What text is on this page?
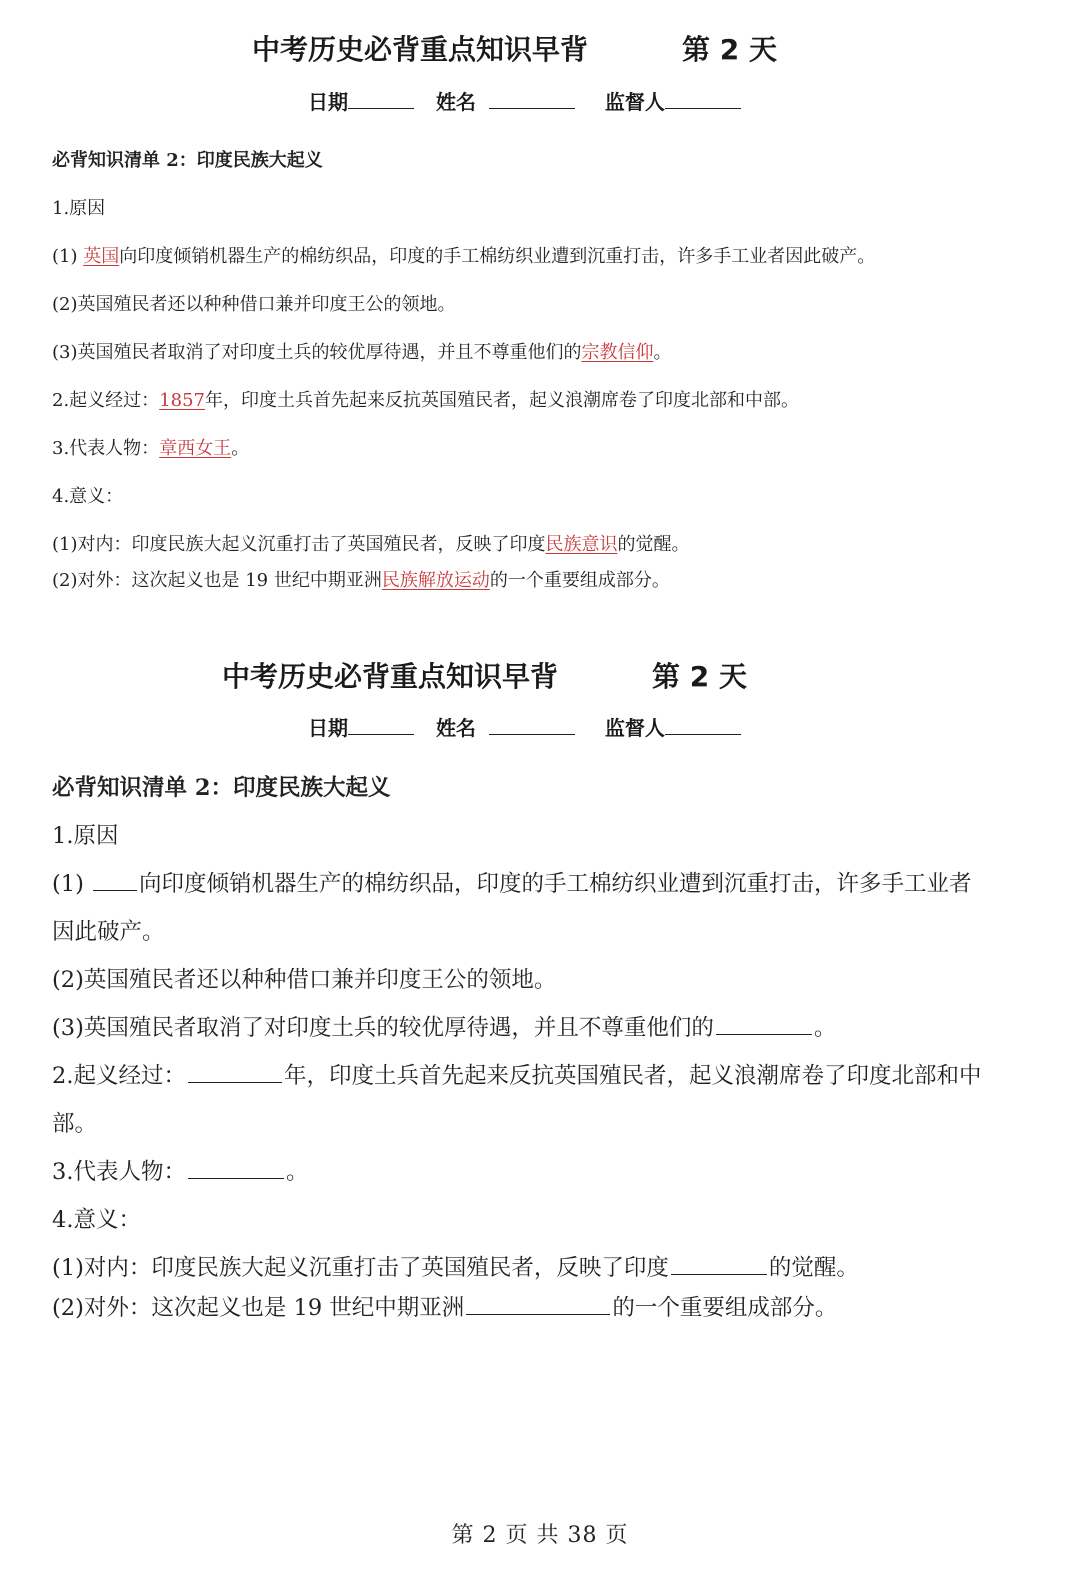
中考历史必背重点知识早背	第 2 天
日期	姓名	监督人
必背知识清单 2：印度民族大起义
1.原因
(1) 英国向印度倾销机器生产的棉纺织品，印度的手工棉纺织业遭到沉重打击，许多手工业者因此破产。
(2)英国殖民者还以种种借口兼并印度王公的领地。
(3)英国殖民者取消了对印度土兵的较优厚待遇，并且不尊重他们的宗教信仰。
2.起义经过：1857年，印度土兵首先起来反抗英国殖民者，起义浪潮席卷了印度北部和中部。
3.代表人物：章西女王。
4.意义：
(1)对内：印度民族大起义沉重打击了英国殖民者，反映了印度民族意识的觉醒。
(2)对外：这次起义也是 19 世纪中期亚洲民族解放运动的一个重要组成部分。
中考历史必背重点知识早背	第 2 天
日期	姓名	监督人
必背知识清单 2：印度民族大起义
1.原因
(1) 向印度倾销机器生产的棉纺织品，印度的手工棉纺织业遭到沉重打击，许多手工业者
因此破产。
(2)英国殖民者还以种种借口兼并印度王公的领地。
(3)英国殖民者取消了对印度土兵的较优厚待遇，并且不尊重他们的	。
2.起义经过：	年，印度土兵首先起来反抗英国殖民者，起义浪潮席卷了印度北部和中
部。
3.代表人物：	。
4.意义：
(1)对内：印度民族大起义沉重打击了英国殖民者，反映了印度	的觉醒。
(2)对外：这次起义也是 19 世纪中期亚洲	的一个重要组成部分。
第 2 页 共 38 页
